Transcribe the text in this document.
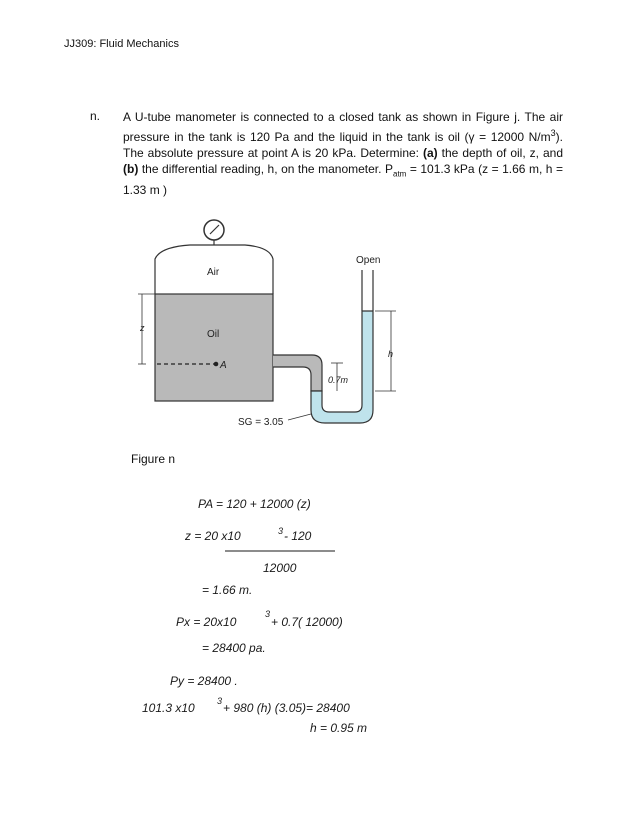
JJ309: Fluid Mechanics
n. A U-tube manometer is connected to a closed tank as shown in Figure j. The air pressure in the tank is 120 Pa and the liquid in the tank is oil (γ = 12000 $N/m^3$). The absolute pressure at point A is 20 kPa. Determine: (a) the depth of oil, z, and (b) the differential reading, h, on the manometer. $P_{atm} = 101.3$ kPa (z = 1.66 m, h = 1.33 m )
Air
Oil
A
z
Open
h
0.7m
SG = 3.05
Figure n
PA = 120 + 12000 (z)
z = 20 x10	3 - 120
12000
= 1.66 m.
Px = 20x10
3
+ 0.7( 12000)
= 28400 pa.
Py = 28400 .
101.3 x10 3 + 980 (h) (3.05)= 28400
h = 0.95 m
